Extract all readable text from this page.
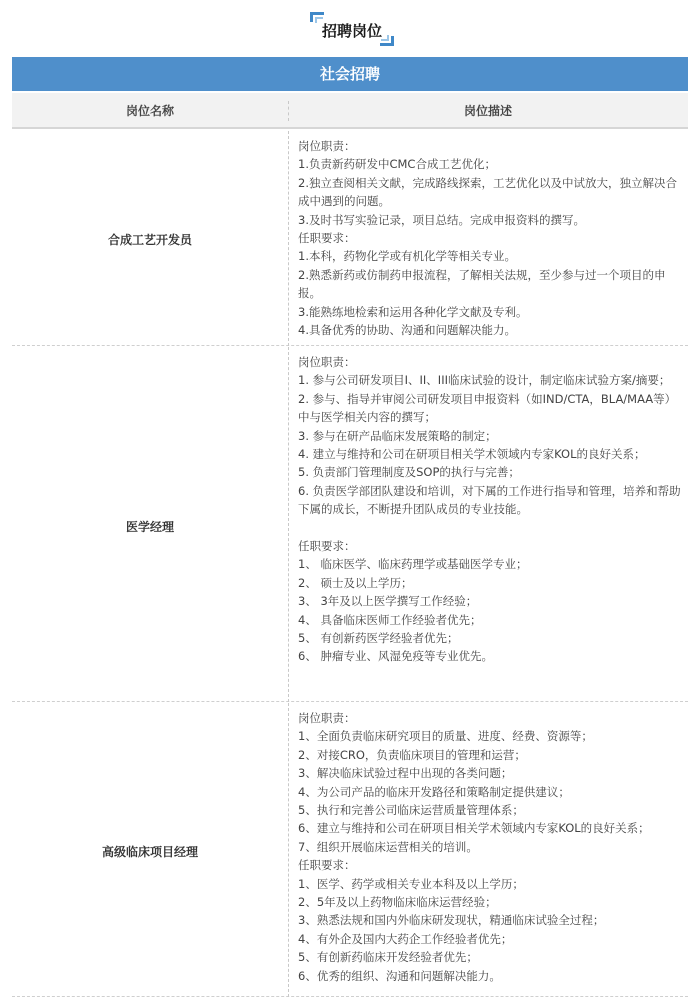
招聘岗位
社会招聘
岗位名称	岗位描述
合成工艺开发员
岗位职责：
1.负责新药研发中CMC合成工艺优化；
2.独立查阅相关文献，完成路线探索，工艺优化以及中试放大，独立解决合成中遇到的问题。
3.及时书写实验记录，项目总结。完成申报资料的撰写。
任职要求：
1.本科，药物化学或有机化学等相关专业。
2.熟悉新药或仿制药申报流程，了解相关法规，至少参与过一个项目的申报。
3.能熟练地检索和运用各种化学文献及专利。
4.具备优秀的协助、沟通和问题解决能力。
医学经理
岗位职责：
1. 参与公司研发项目I、II、III临床试验的设计，制定临床试验方案/摘要；
2. 参与、指导并审阅公司研发项目申报资料（如IND/CTA，BLA/MAA等）中与医学相关内容的撰写；
3. 参与在研产品临床发展策略的制定；
4. 建立与维持和公司在研项目相关学术领域内专家KOL的良好关系；
5. 负责部门管理制度及SOP的执行与完善；
6. 负责医学部团队建设和培训，对下属的工作进行指导和管理，培养和帮助下属的成长，不断提升团队成员的专业技能。
任职要求：
1、 临床医学、临床药理学或基础医学专业；
2、 硕士及以上学历；
3、 3年及以上医学撰写工作经验；
4、 具备临床医师工作经验者优先；
5、 有创新药医学经验者优先；
6、 肿瘤专业、风湿免疫等专业优先。
高级临床项目经理
岗位职责：
1、全面负责临床研究项目的质量、进度、经费、资源等；
2、对接CRO，负责临床项目的管理和运营；
3、解决临床试验过程中出现的各类问题；
4、为公司产品的临床开发路径和策略制定提供建议；
5、执行和完善公司临床运营质量管理体系；
6、建立与维持和公司在研项目相关学术领域内专家KOL的良好关系；
7、组织开展临床运营相关的培训。
任职要求：
1、医学、药学或相关专业本科及以上学历；
2、5年及以上药物临床临床运营经验；
3、熟悉法规和国内外临床研发现状，精通临床试验全过程；
4、有外企及国内大药企工作经验者优先；
5、有创新药临床开发经验者优先；
6、优秀的组织、沟通和问题解决能力。
